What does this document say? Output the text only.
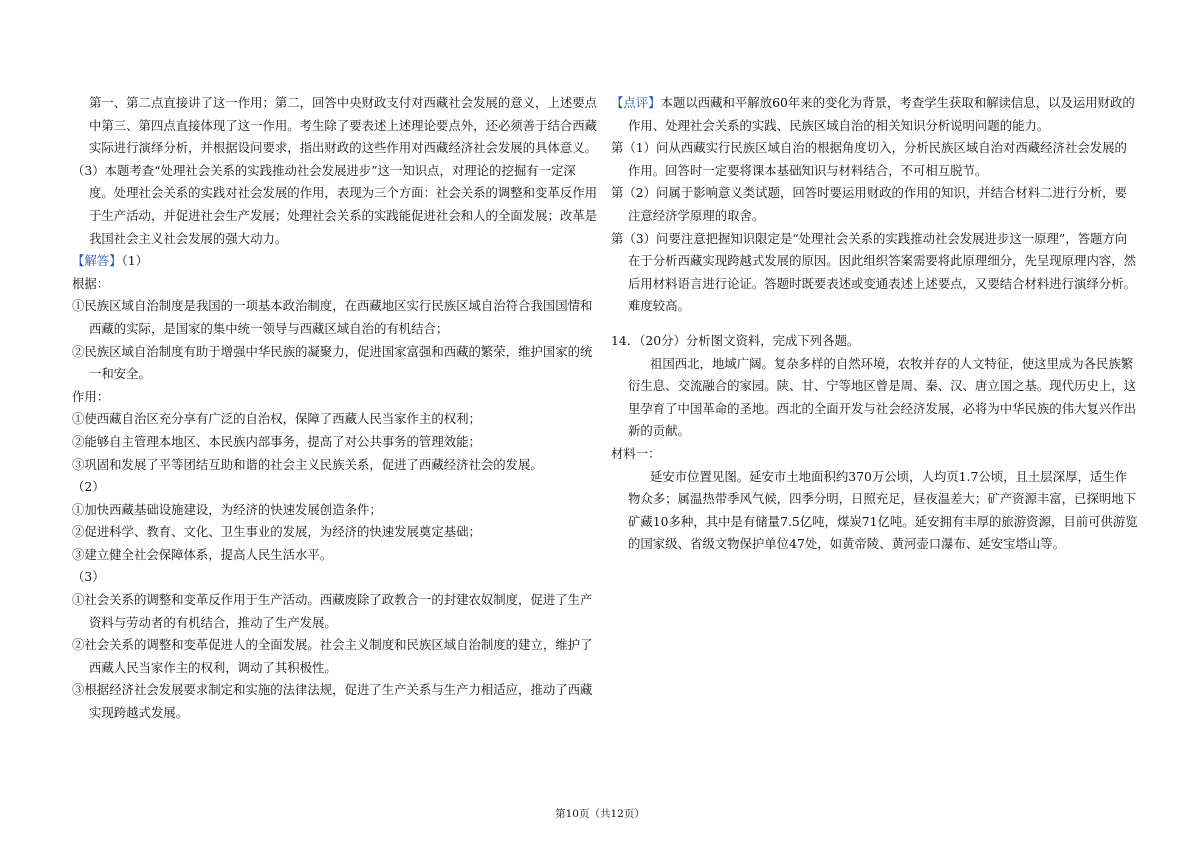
第一、第二点直接讲了这一作用；第二，回答中央财政支付对西藏社会发展的意义，上述要点中第三、第四点直接体现了这一作用。考生除了要表述上述理论要点外，还必须善于结合西藏实际进行演绎分析，并根据设问要求，指出财政的这些作用对西藏经济社会发展的具体意义。

（3）本题考查“处理社会关系的实践推动社会发展进步”这一知识点，对理论的挖掘有一定深度。处理社会关系的实践对社会发展的作用，表现为三个方面：社会关系的调整和变革反作用于生产活动，并促进社会生产发展；处理社会关系的实践能促进社会和人的全面发展；改革是我国社会主义社会发展的强大动力。

【解答】（1）

根据：

①民族区域自治制度是我国的一项基本政治制度，在西藏地区实行民族区域自治符合我国国情和西藏的实际，是国家的集中统一领导与西藏区域自治的有机结合；

②民族区域自治制度有助于增强中华民族的凝聚力，促进国家富强和西藏的繁荣，维护国家的统一和安全。

作用：

①使西藏自治区充分享有广泛的自治权，保障了西藏人民当家作主的权利；

②能够自主管理本地区、本民族内部事务，提高了对公共事务的管理效能；

③巩固和发展了平等团结互助和谐的社会主义民族关系，促进了西藏经济社会的发展。

（2）

①加快西藏基础设施建设，为经济的快速发展创造条件；

②促进科学、教育、文化、卫生事业的发展，为经济的快速发展奠定基础；

③建立健全社会保障体系，提高人民生活水平。

（3）

①社会关系的调整和变革反作用于生产活动。西藏废除了政教合一的封建农奴制度，促进了生产资料与劳动者的有机结合，推动了生产发展。

②社会关系的调整和变革促进人的全面发展。社会主义制度和民族区域自治制度的建立，维护了西藏人民当家作主的权利，调动了其积极性。

③根据经济社会发展要求制定和实施的法律法规，促进了生产关系与生产力相适应，推动了西藏实现跨越式发展。

【点评】本题以西藏和平解放60年来的变化为背景，考查学生获取和解读信息，以及运用财政的作用、处理社会关系的实践、民族区域自治的相关知识分析说明问题的能力。

第（1）问从西藏实行民族区域自治的根据角度切入，分析民族区域自治对西藏经济社会发展的作用。回答时一定要将课本基础知识与材料结合，不可相互脱节。

第（2）问属于影响意义类试题，回答时要运用财政的作用的知识，并结合材料二进行分析，要注意经济学原理的取舍。

第（3）问要注意把握知识限定是“处理社会关系的实践推动社会发展进步这一原理”，答题方向在于分析西藏实现跨越式发展的原因。因此组织答案需要将此原理细分，先呈现原理内容，然后用材料语言进行论证。答题时既要表述或变通表述上述要点，又要结合材料进行演绎分析。难度较高。

14．（20分）分析图文资料，完成下列各题。

祖国西北，地域广阔。复杂多样的自然环境，农牧并存的人文特征，使这里成为各民族繁衍生息、交流融合的家园。陕、甘、宁等地区曾是周、秦、汉、唐立国之基。现代历史上，这里孕育了中国革命的圣地。西北的全面开发与社会经济发展，必将为中华民族的伟大复兴作出新的贡献。

材料一：

延安市位置见图。延安市土地面积约370万公顷，人均页1.7公顷，且土层深厚，适生作物众多；属温热带季风气候，四季分明，日照充足，昼夜温差大；矿产资源丰富，已探明地下矿藏10多种，其中是有储量7.5亿吨，煤炭71亿吨。延安拥有丰厚的旅游资源，目前可供游览的国家级、省级文物保护单位47处，如黄帝陵、黄河壶口瀑布、延安宝塔山等。

第10页（共12页）
